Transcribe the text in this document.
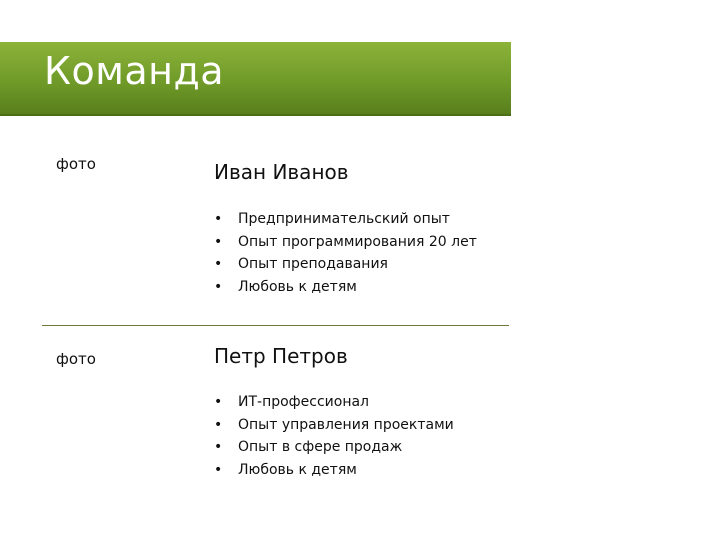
Команда
фото	Иван Иванов
• Предпринимательский опыт
• Опыт программирования 20 лет
• Опыт преподавания
• Любовь к детям
фото	Петр Петров
• ИТ-профессионал
• Опыт управления проектами
• Опыт в сфере продаж
• Любовь к детям
